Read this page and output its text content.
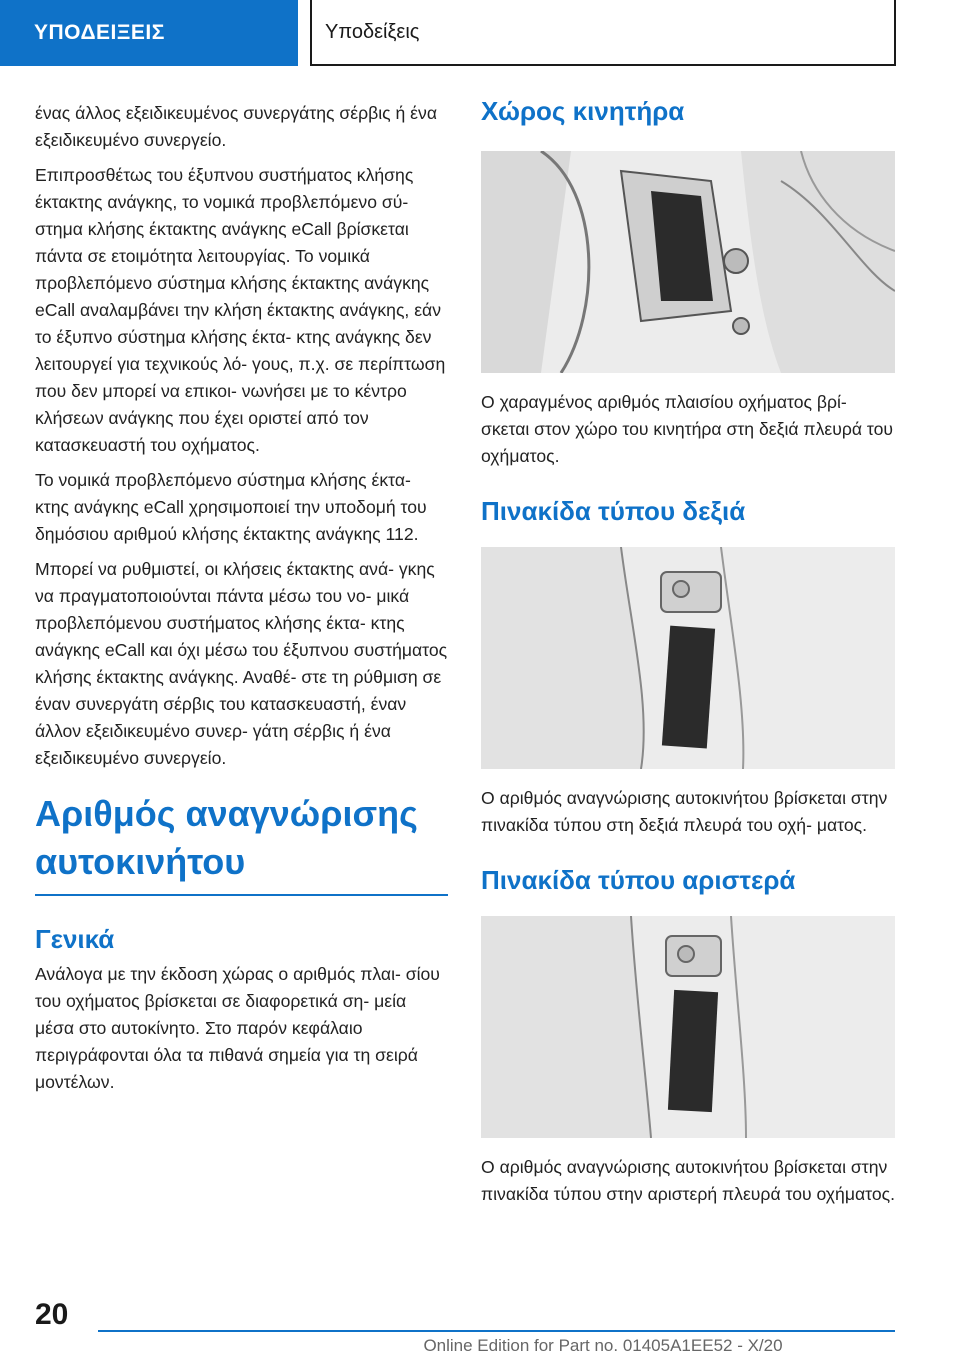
ΥΠΟΔΕΙΞΕΙΣ	Υποδείξεις

ένας άλλος εξειδικευμένος συνεργάτης σέρβις ή ένα εξειδικευμένο συνεργείο.

Επιπροσθέτως του έξυπνου συστήματος κλήσης έκτακτης ανάγκης, το νομικά προβλεπόμενο σύ- στημα κλήσης έκτακτης ανάγκης eCall βρίσκεται πάντα σε ετοιμότητα λειτουργίας. Το νομικά προβλεπόμενο σύστημα κλήσης έκτακτης ανάγκης eCall αναλαμβάνει την κλήση έκτακτης ανάγκης, εάν το έξυπνο σύστημα κλήσης έκτα- κτης ανάγκης δεν λειτουργεί για τεχνικούς λό- γους, π.χ. σε περίπτωση που δεν μπορεί να επικοι- νωνήσει με το κέντρο κλήσεων ανάγκης που έχει οριστεί από τον κατασκευαστή του οχήματος.

Το νομικά προβλεπόμενο σύστημα κλήσης έκτα- κτης ανάγκης eCall χρησιμοποιεί την υποδομή του δημόσιου αριθμού κλήσης έκτακτης ανάγκης 112.

Μπορεί να ρυθμιστεί, οι κλήσεις έκτακτης ανά- γκης να πραγματοποιούνται πάντα μέσω του νο- μικά προβλεπόμενου συστήματος κλήσης έκτα- κτης ανάγκης eCall και όχι μέσω του έξυπνου συστήματος κλήσης έκτακτης ανάγκης. Αναθέ- στε τη ρύθμιση σε έναν συνεργάτη σέρβις του κατασκευαστή, έναν άλλον εξειδικευμένο συνερ- γάτη σέρβις ή ένα εξειδικευμένο συνεργείο.

Αριθμός αναγνώρισης αυτοκινήτου
Γενικά

Ανάλογα με την έκδοση χώρας ο αριθμός πλαι- σίου του οχήματος βρίσκεται σε διαφορετικά ση- μεία μέσα στο αυτοκίνητο. Στο παρόν κεφάλαιο περιγράφονται όλα τα πιθανά σημεία για τη σειρά μοντέλων.

Χώρος κινητήρα

Ο χαραγμένος αριθμός πλαισίου οχήματος βρί- σκεται στον χώρο του κινητήρα στη δεξιά πλευρά του οχήματος.

Πινακίδα τύπου δεξιά

Ο αριθμός αναγνώρισης αυτοκινήτου βρίσκεται στην πινακίδα τύπου στη δεξιά πλευρά του οχή- ματος.

Πινακίδα τύπου αριστερά

Ο αριθμός αναγνώρισης αυτοκινήτου βρίσκεται στην πινακίδα τύπου στην αριστερή πλευρά του οχήματος.

20
Online Edition for Part no. 01405A1EE52 - X/20
